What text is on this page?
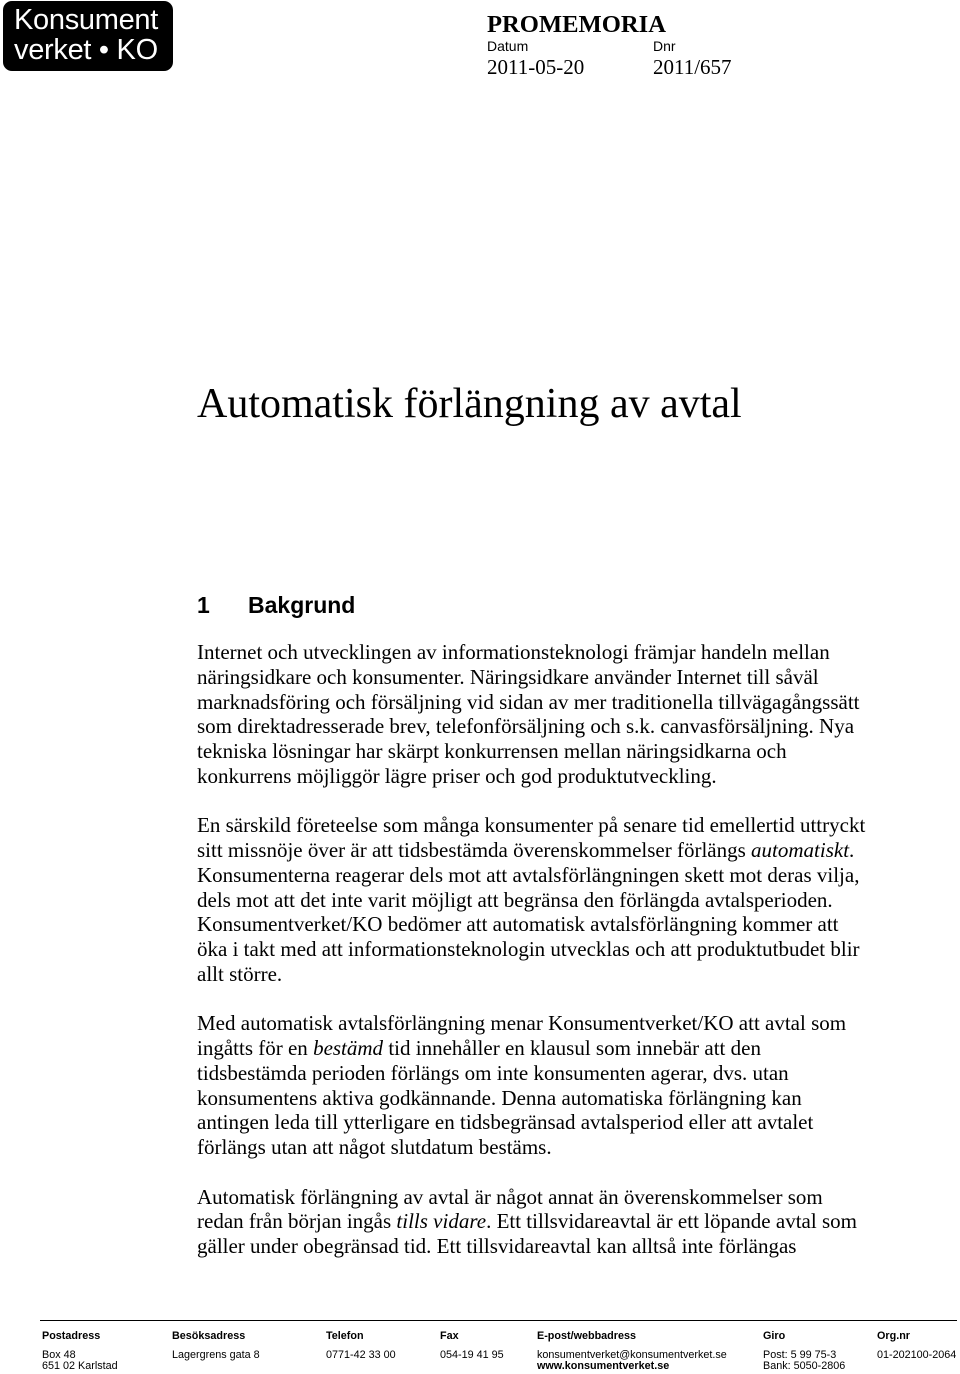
Konsument
verket • KO
PROMEMORIA
Datum	Dnr
2011-05-20	2011/657
Automatisk förlängning av avtal
1 Bakgrund

Internet och utvecklingen av informationsteknologi främjar handeln mellan
näringsidkare och konsumenter. Näringsidkare använder Internet till såväl
marknadsföring och försäljning vid sidan av mer traditionella tillvägagångssätt
som direktadresserade brev, telefonförsäljning och s.k. canvasförsäljning. Nya
tekniska lösningar har skärpt konkurrensen mellan näringsidkarna och
konkurrens möjliggör lägre priser och god produktutveckling.

En särskild företeelse som många konsumenter på senare tid emellertid uttryckt
sitt missnöje över är att tidsbestämda överenskommelser förlängs automatiskt.
Konsumenterna reagerar dels mot att avtalsförlängningen skett mot deras vilja,
dels mot att det inte varit möjligt att begränsa den förlängda avtalsperioden.
Konsumentverket/KO bedömer att automatisk avtalsförlängning kommer att
öka i takt med att informationsteknologin utvecklas och att produktutbudet blir
allt större.

Med automatisk avtalsförlängning menar Konsumentverket/KO att avtal som
ingåtts för en bestämd tid innehåller en klausul som innebär att den
tidsbestämda perioden förlängs om inte konsumenten agerar, dvs. utan
konsumentens aktiva godkännande. Denna automatiska förlängning kan
antingen leda till ytterligare en tidsbegränsad avtalsperiod eller att avtalet
förlängs utan att något slutdatum bestäms.

Automatisk förlängning av avtal är något annat än överenskommelser som
redan från början ingås tills vidare. Ett tillsvidareavtal är ett löpande avtal som
gäller under obegränsad tid. Ett tillsvidareavtal kan alltså inte förlängas

Postadress
Box 48
651 02 Karlstad
Besöksadress
Lagergrens gata 8
Telefon
0771-42 33 00
Fax
054-19 41 95
E-post/webbadress
konsumentverket@konsumentverket.se
www.konsumentverket.se
Giro
Post: 5 99 75-3
Bank: 5050-2806
Org.nr
01-202100-2064
